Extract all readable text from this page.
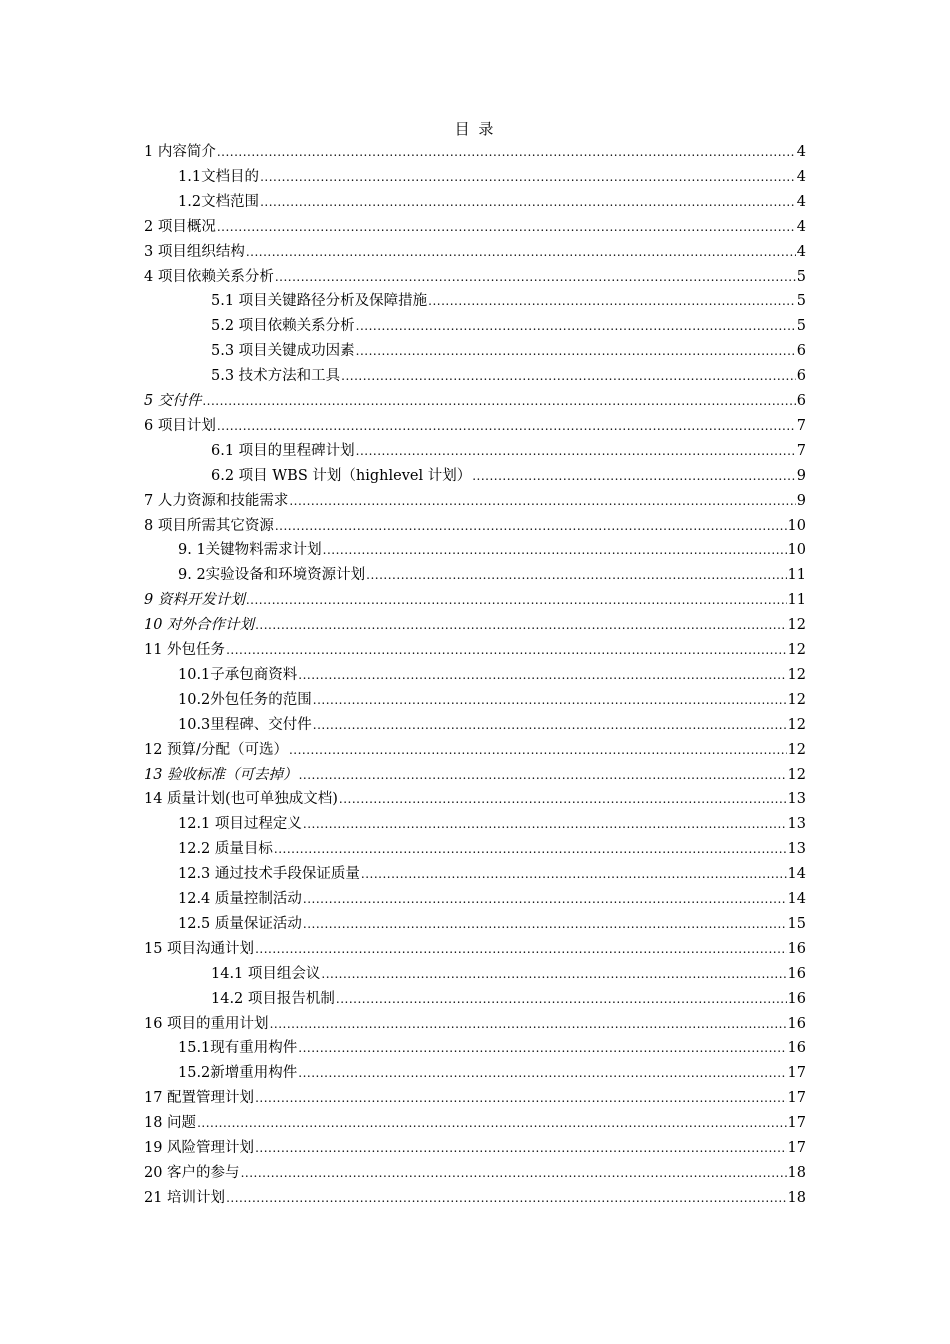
目 录
1 内容简介 .....	4
1.1 文档目的 .....	4
1.2 文档范围 .....	4
2 项目概况 .....	4
3 项目组织结构 .....	4
4 项目依赖关系分析 .....	5
5.1 项目关键路径分析及保障措施 .....	5
5.2 项目依赖关系分析 .....	5
5.3 项目关键成功因素 .....	6
5.3 技术方法和工具 .....	6
5 交付件 .....	6
6 项目计划 .....	7
6.1 项目的里程碑计划 .....	7
6.2 项目 WBS 计划（highlevel 计划） .....	9
7 人力资源和技能需求 .....	9
8 项目所需其它资源 .....	10
9. 1 关键物料需求计划 .....	10
9. 2 实验设备和环境资源计划 .....	11
9 资料开发计划 .....	11
10 对外合作计划 .....	12
11 外包任务 .....	12
10.1 子承包商资料 .....	12
10.2 外包任务的范围 .....	12
10.3 里程碑、交付件 .....	12
12 预算/分配（可选） .....	12
13 验收标准（可去掉） .....	12
14 质量计划(也可单独成文档) .....	13
12.1 项目过程定义 .....	13
12.2 质量目标 .....	13
12.3 通过技术手段保证质量 .....	14
12.4 质量控制活动 .....	14
12.5 质量保证活动 .....	15
15 项目沟通计划 .....	16
14.1 项目组会议 .....	16
14.2 项目报告机制 .....	16
16 项目的重用计划 .....	16
15.1 现有重用构件 .....	16
15.2 新增重用构件 .....	17
17 配置管理计划 .....	17
18 问题 .....	17
19 风险管理计划 .....	17
20 客户的参与 .....	18
21 培训计划 .....	18
